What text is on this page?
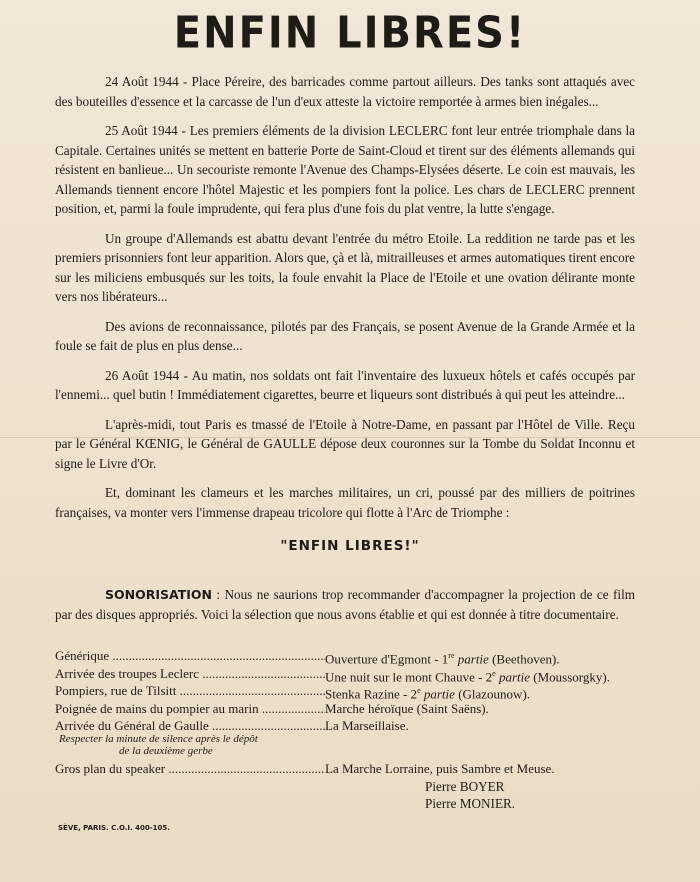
ENFIN LIBRES!

24 Août 1944 - Place Péreire, des barricades comme partout ailleurs. Des tanks sont attaqués avec des bouteilles d'essence et la carcasse de l'un d'eux atteste la victoire remportée à armes bien inégales...

25 Août 1944 - Les premiers éléments de la division LECLERC font leur entrée triomphale dans la Capitale. Certaines unités se mettent en batterie Porte de Saint-Cloud et tirent sur des éléments allemands qui résistent en banlieue... Un secouriste remonte l'Avenue des Champs-Elysées déserte. Le coin est mauvais, les Allemands tiennent encore l'hôtel Majestic et les pompiers font la police. Les chars de LECLERC prennent position, et, parmi la foule imprudente, qui fera plus d'une fois du plat ventre, la lutte s'engage.

Un groupe d'Allemands est abattu devant l'entrée du métro Etoile. La reddition ne tarde pas et les premiers prisonniers font leur apparition. Alors que, çà et là, mitrailleuses et armes automatiques tirent encore sur les miliciens embusqués sur les toits, la foule envahit la Place de l'Etoile et une ovation délirante monte vers nos libérateurs...

Des avions de reconnaissance, pilotés par des Français, se posent Avenue de la Grande Armée et la foule se fait de plus en plus dense...

26 Août 1944 - Au matin, nos soldats ont fait l'inventaire des luxueux hôtels et cafés occupés par l'ennemi... quel butin ! Immédiatement cigarettes, beurre et liqueurs sont distribués à qui peut les atteindre...

L'après-midi, tout Paris es tmassé de l'Etoile à Notre-Dame, en passant par l'Hôtel de Ville. Reçu par le Général KŒNIG, le Général de GAULLE dépose deux couronnes sur la Tombe du Soldat Inconnu et signe le Livre d'Or.

Et, dominant les clameurs et les marches militaires, un cri, poussé par des milliers de poitrines françaises, va monter vers l'immense drapeau tricolore qui flotte à l'Arc de Triomphe :

"ENFIN LIBRES!"
SONORISATION : Nous ne saurions trop recommander d'accompagner la projection de ce film par des disques appropriés. Voici la sélection que nous avons établie et qui est donnée à titre documentaire.
Générique .....	Ouverture d'Egmont - 1re partie (Beethoven).
Arrivée des troupes Leclerc .....	Une nuit sur le mont Chauve - 2e partie (Moussorgky).
Pompiers, rue de Tilsitt .....	Stenka Razine - 2e partie (Glazounow).
Poignée de mains du pompier au marin .....	Marche héroïque (Saint Saëns).
Arrivée du Général de Gaulle .....	La Marseillaise.
Respecter la minute de silence après le dépôt
de la deuxième gerbe
Gros plan du speaker .....	La Marche Lorraine, puis Sambre et Meuse.
Pierre BOYER
Pierre MONIER.
SÈVE, PARIS. C.O.I. 400-105.
